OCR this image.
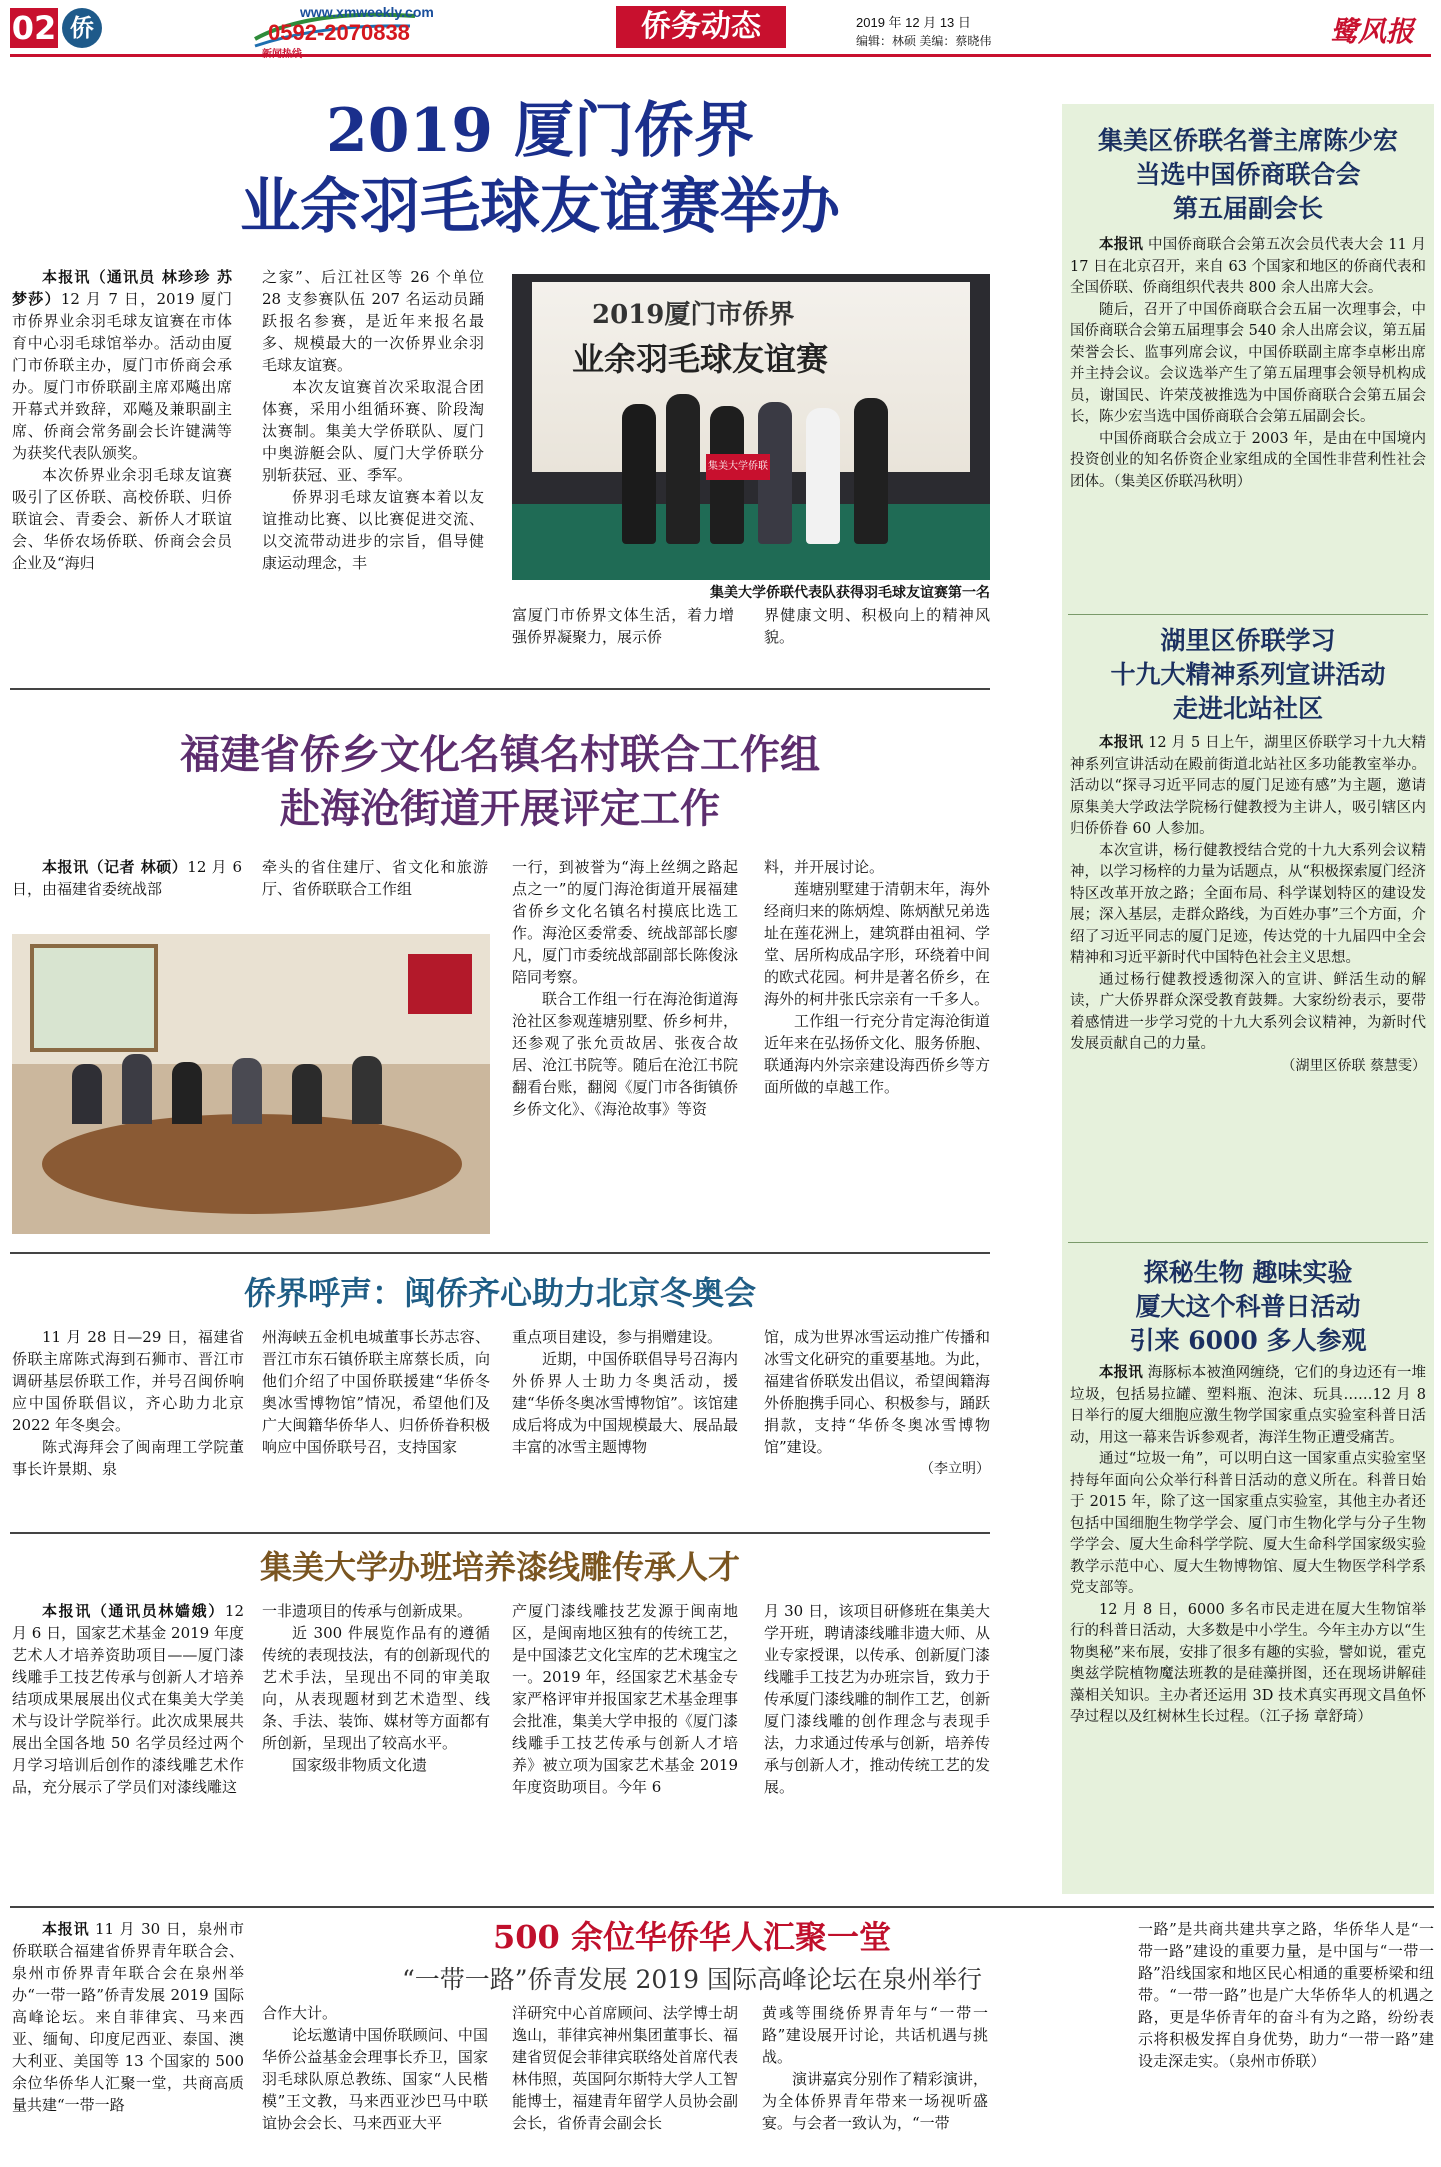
02 侨
www.xmweekly.com
0592-2070838	侨务动态	2019 年 12 月 13 日
编辑：林硕 美编：蔡晓伟	鹭风报
2019 厦门侨界
业余羽毛球友谊赛举办

本报讯（通讯员 林珍珍 苏梦莎）12 月 7 日，2019 厦门市侨界业余羽毛球友谊赛在市体育中心羽毛球馆举办。活动由厦门市侨联主办，厦门市侨商会承办。厦门市侨联副主席邓飚出席开幕式并致辞，邓飚及兼职副主席、侨商会常务副会长许键满等为获奖代表队颁奖。

本次侨界业余羽毛球友谊赛吸引了区侨联、高校侨联、归侨联谊会、青委会、新侨人才联谊会、华侨农场侨联、侨商会会员企业及“海归

之家”、后江社区等 26 个单位 28 支参赛队伍 207 名运动员踊跃报名参赛，是近年来报名最多、规模最大的一次侨界业余羽毛球友谊赛。

本次友谊赛首次采取混合团体赛，采用小组循环赛、阶段淘汰赛制。集美大学侨联队、厦门中奥游艇会队、厦门大学侨联分别斩获冠、亚、季军。

侨界羽毛球友谊赛本着以友谊推动比赛、以比赛促进交流、以交流带动进步的宗旨，倡导健康运动理念，丰

2019厦门市侨界
业余羽毛球友谊赛
集美大学侨联
集美大学侨联代表队获得羽毛球友谊赛第一名

富厦门市侨界文体生活，着力增强侨界凝聚力，展示侨

界健康文明、积极向上的精神风貌。

福建省侨乡文化名镇名村联合工作组
赴海沧街道开展评定工作

本报讯（记者 林硕）12 月 6 日，由福建省委统战部

牵头的省住建厅、省文化和旅游厅、省侨联联合工作组

一行，到被誉为“海上丝绸之路起点之一”的厦门海沧街道开展福建省侨乡文化名镇名村摸底比选工作。海沧区委常委、统战部部长廖凡，厦门市委统战部副部长陈俊泳陪同考察。

联合工作组一行在海沧街道海沧社区参观莲塘别墅、侨乡柯井，还参观了张允贡故居、张夜合故居、沧江书院等。随后在沧江书院翻看台账，翻阅《厦门市各街镇侨乡侨文化》、《海沧故事》等资

料，并开展讨论。

莲塘别墅建于清朝末年，海外经商归来的陈炳煌、陈炳猷兄弟选址在莲花洲上，建筑群由祖祠、学堂、居所构成品字形，环绕着中间的欧式花园。柯井是著名侨乡，在海外的柯井张氏宗亲有一千多人。

工作组一行充分肯定海沧街道近年来在弘扬侨文化、服务侨胞、联通海内外宗亲建设海西侨乡等方面所做的卓越工作。

侨界呼声：闽侨齐心助力北京冬奥会

11 月 28 日—29 日，福建省侨联主席陈式海到石狮市、晋江市调研基层侨联工作，并号召闽侨响应中国侨联倡议，齐心助力北京 2022 年冬奥会。

陈式海拜会了闽南理工学院董事长许景期、泉

州海峡五金机电城董事长苏志容、晋江市东石镇侨联主席蔡长质，向他们介绍了中国侨联援建“华侨冬奥冰雪博物馆”情况，希望他们及广大闽籍华侨华人、归侨侨眷积极响应中国侨联号召，支持国家

重点项目建设，参与捐赠建设。

近期，中国侨联倡导号召海内外侨界人士助力冬奥活动，援建“华侨冬奥冰雪博物馆”。该馆建成后将成为中国规模最大、展品最丰富的冰雪主题博物

馆，成为世界冰雪运动推广传播和冰雪文化研究的重要基地。为此，福建省侨联发出倡议，希望闽籍海外侨胞携手同心、积极参与，踊跃捐款，支持“华侨冬奥冰雪博物馆”建设。

（李立明）

集美大学办班培养漆线雕传承人才

本报讯（通讯员林嫱娥）12 月 6 日，国家艺术基金 2019 年度艺术人才培养资助项目——厦门漆线雕手工技艺传承与创新人才培养结项成果展展出仪式在集美大学美术与设计学院举行。此次成果展共展出全国各地 50 名学员经过两个月学习培训后创作的漆线雕艺术作品，充分展示了学员们对漆线雕这

一非遗项目的传承与创新成果。

近 300 件展览作品有的遵循传统的表现技法，有的创新现代的艺术手法，呈现出不同的审美取向，从表现题材到艺术造型、线条、手法、装饰、媒材等方面都有所创新，呈现出了较高水平。

国家级非物质文化遗

产厦门漆线雕技艺发源于闽南地区，是闽南地区独有的传统工艺，是中国漆艺文化宝库的艺术瑰宝之一。2019 年，经国家艺术基金专家严格评审并报国家艺术基金理事会批准，集美大学申报的《厦门漆线雕手工技艺传承与创新人才培养》被立项为国家艺术基金 2019 年度资助项目。今年 6

月 30 日，该项目研修班在集美大学开班，聘请漆线雕非遗大师、从业专家授课，以传承、创新厦门漆线雕手工技艺为办班宗旨，致力于传承厦门漆线雕的制作工艺，创新厦门漆线雕的创作理念与表现手法，力求通过传承与创新，培养传承与创新人才，推动传统工艺的发展。

集美区侨联名誉主席陈少宏
当选中国侨商联合会
第五届副会长

本报讯 中国侨商联合会第五次会员代表大会 11 月 17 日在北京召开，来自 63 个国家和地区的侨商代表和全国侨联、侨商组织代表共 800 余人出席大会。

随后，召开了中国侨商联合会五届一次理事会，中国侨商联合会第五届理事会 540 余人出席会议，第五届荣誉会长、监事列席会议，中国侨联副主席李卓彬出席并主持会议。会议选举产生了第五届理事会领导机构成员，谢国民、许荣茂被推选为中国侨商联合会第五届会长，陈少宏当选中国侨商联合会第五届副会长。

中国侨商联合会成立于 2003 年，是由在中国境内投资创业的知名侨资企业家组成的全国性非营利性社会团体。（集美区侨联冯秋明）

湖里区侨联学习
十九大精神系列宣讲活动
走进北站社区

本报讯 12 月 5 日上午，湖里区侨联学习十九大精神系列宣讲活动在殿前街道北站社区多功能教室举办。活动以“探寻习近平同志的厦门足迹有感”为主题，邀请原集美大学政法学院杨行健教授为主讲人，吸引辖区内归侨侨眷 60 人参加。

本次宣讲，杨行健教授结合党的十九大系列会议精神，以学习杨梓的力量为话题点，从“积极探索厦门经济特区改革开放之路；全面布局、科学谋划特区的建设发展；深入基层，走群众路线，为百姓办事”三个方面，介绍了习近平同志的厦门足迹，传达党的十九届四中全会精神和习近平新时代中国特色社会主义思想。

通过杨行健教授透彻深入的宣讲、鲜活生动的解读，广大侨界群众深受教育鼓舞。大家纷纷表示，要带着感情进一步学习党的十九大系列会议精神，为新时代发展贡献自己的力量。

（湖里区侨联 蔡慧雯）

探秘生物 趣味实验
厦大这个科普日活动
引来 6000 多人参观

本报讯 海豚标本被渔网缠绕，它们的身边还有一堆垃圾，包括易拉罐、塑料瓶、泡沫、玩具……12 月 8 日举行的厦大细胞应激生物学国家重点实验室科普日活动，用这一幕来告诉参观者，海洋生物正遭受痛苦。

通过“垃圾一角”，可以明白这一国家重点实验室坚持每年面向公众举行科普日活动的意义所在。科普日始于 2015 年，除了这一国家重点实验室，其他主办者还包括中国细胞生物学学会、厦门市生物化学与分子生物学学会、厦大生命科学学院、厦大生命科学国家级实验教学示范中心、厦大生物博物馆、厦大生物医学科学系党支部等。

12 月 8 日，6000 多名市民走进在厦大生物馆举行的科普日活动，大多数是中小学生。今年主办方以“生物奥秘”来布展，安排了很多有趣的实验，譬如说，霍克奥兹学院植物魔法班教的是硅藻拼图，还在现场讲解硅藻相关知识。主办者还运用 3D 技术真实再现文昌鱼怀孕过程以及红树林生长过程。（江子扬 章舒琦）

本报讯 11 月 30 日，泉州市侨联联合福建省侨界青年联合会、泉州市侨界青年联合会在泉州举办“一带一路”侨青发展 2019 国际高峰论坛。来自菲律宾、马来西亚、缅甸、印度尼西亚、泰国、澳大利亚、美国等 13 个国家的 500 余位华侨华人汇聚一堂，共商高质量共建“一带一路

500 余位华侨华人汇聚一堂
“一带一路”侨青发展 2019 国际高峰论坛在泉州举行

合作大计。

论坛邀请中国侨联顾问、中国华侨公益基金会理事长乔卫，国家羽毛球队原总教练、国家“人民楷模”王文教，马来西亚沙巴马中联谊协会会长、马来西亚大平

洋研究中心首席顾问、法学博士胡逸山，菲律宾神州集团董事长、福建省贸促会菲律宾联络处首席代表林伟照，英国阿尔斯特大学人工智能博士，福建青年留学人员协会副会长，省侨青会副会长

黄彧等围绕侨界青年与“一带一路”建设展开讨论，共话机遇与挑战。

演讲嘉宾分别作了精彩演讲，为全体侨界青年带来一场视听盛宴。与会者一致认为，“一带

一路”是共商共建共享之路，华侨华人是“一带一路”建设的重要力量，是中国与“一带一路”沿线国家和地区民心相通的重要桥梁和纽带。“一带一路”也是广大华侨华人的机遇之路，更是华侨青年的奋斗有为之路，纷纷表示将积极发挥自身优势，助力“一带一路”建设走深走实。（泉州市侨联）
